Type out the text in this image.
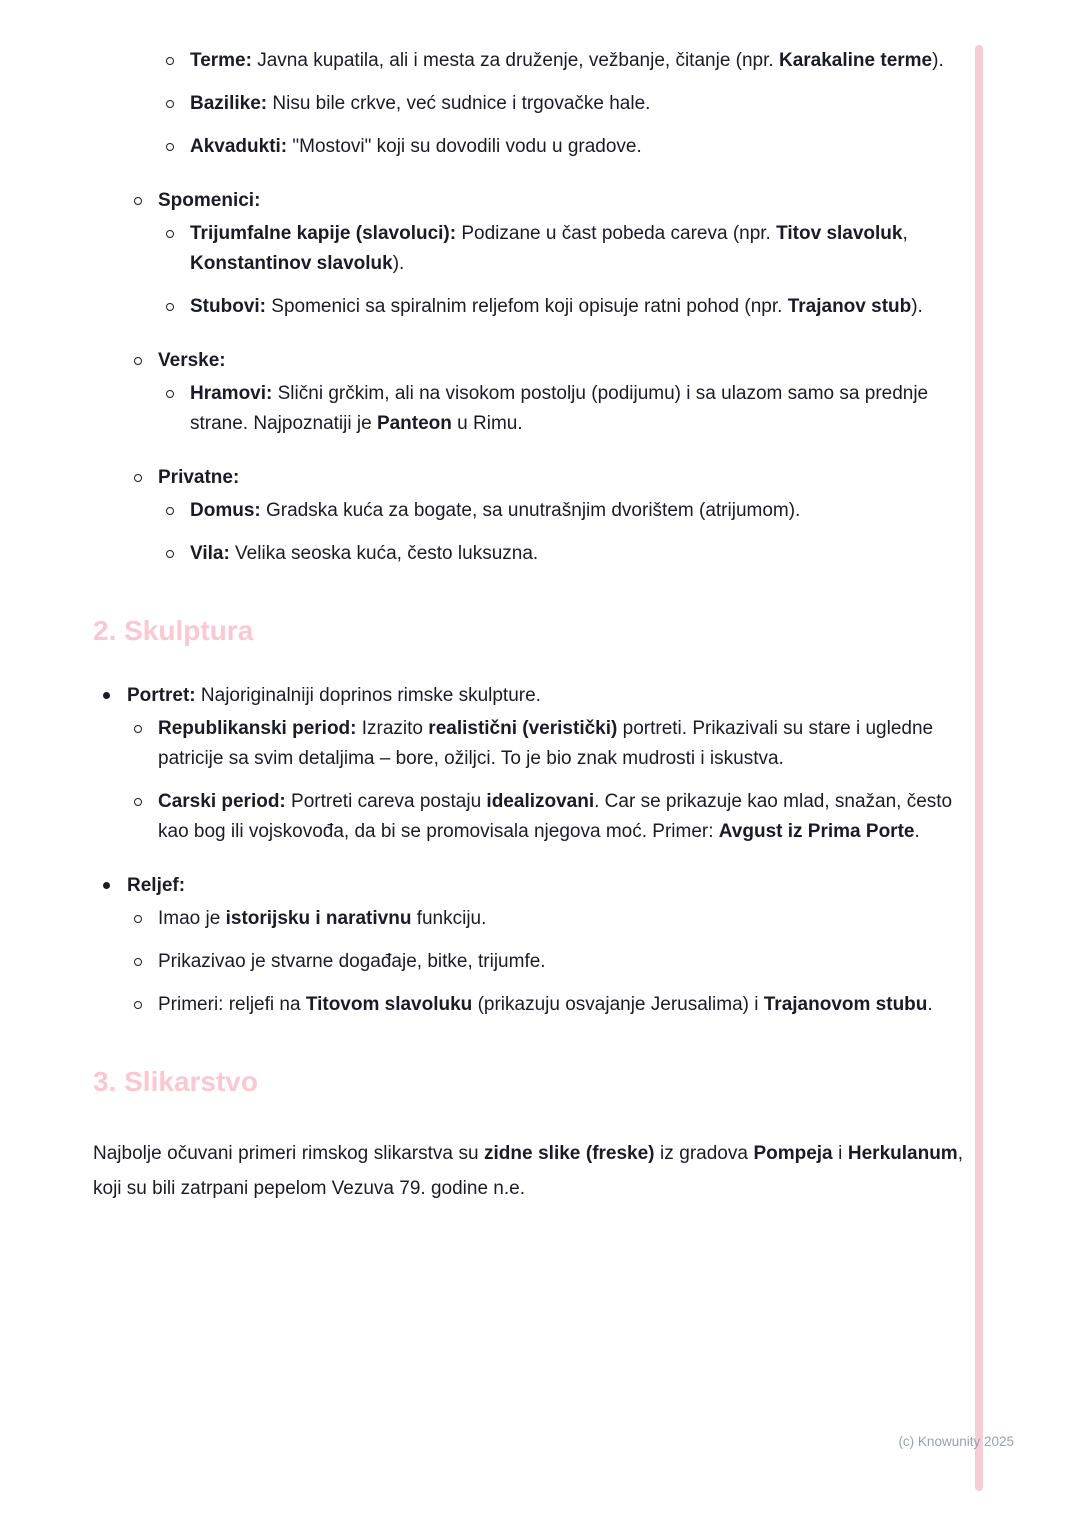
Terme: Javna kupatila, ali i mesta za druženje, vežbanje, čitanje (npr. Karakaline terme).
Bazilike: Nisu bile crkve, već sudnice i trgovačke hale.
Akvadukti: "Mostovi" koji su dovodili vodu u gradove.
Spomenici:
Trijumfalne kapije (slavoluci): Podizane u čast pobeda careva (npr. Titov slavoluk, Konstantinov slavoluk).
Stubovi: Spomenici sa spiralnim reljefom koji opisuje ratni pohod (npr. Trajanov stub).
Verske:
Hramovi: Slični grčkim, ali na visokom postolju (podijumu) i sa ulazom samo sa prednje strane. Najpoznatiji je Panteon u Rimu.
Privatne:
Domus: Gradska kuća za bogate, sa unutrašnjim dvorištem (atrijumom).
Vila: Velika seoska kuća, često luksuzna.
2. Skulptura
Portret: Najoriginalniji doprinos rimske skulpture.
Republikanski period: Izrazito realistični (veristički) portreti. Prikazivali su stare i ugledne patricije sa svim detaljima – bore, ožiljci. To je bio znak mudrosti i iskustva.
Carski period: Portreti careva postaju idealizovani. Car se prikazuje kao mlad, snažan, često kao bog ili vojskovođa, da bi se promovisala njegova moć. Primer: Avgust iz Prima Porte.
Reljef:
Imao je istorijsku i narativnu funkciju.
Prikazivao je stvarne događaje, bitke, trijumfe.
Primeri: reljefi na Titovom slavoluku (prikazuju osvajanje Jerusalima) i Trajanovom stubu.
3. Slikarstvo

Najbolje očuvani primeri rimskog slikarstva su zidne slike (freske) iz gradova Pompeja i Herkulanum, koji su bili zatrpani pepelom Vezuva 79. godine n.e.

(c) Knowunity 2025
